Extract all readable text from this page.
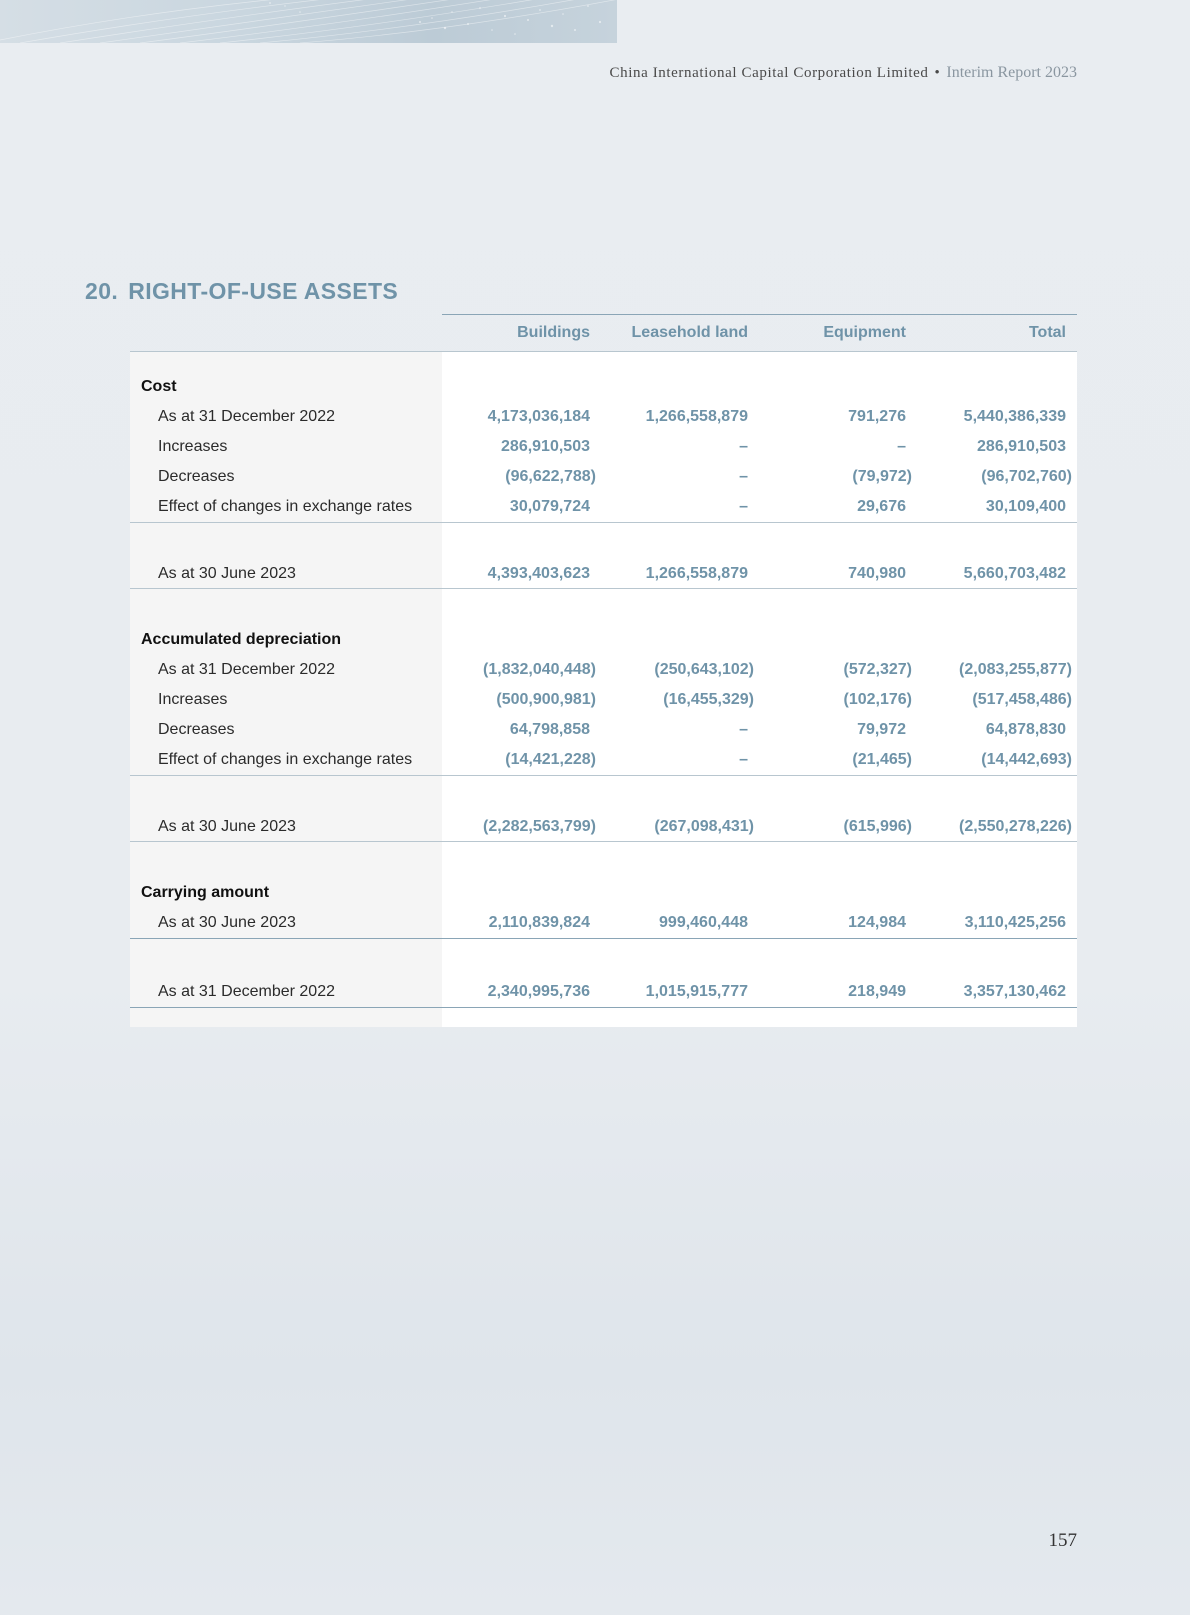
China International Capital Corporation Limited • Interim Report 2023
20. RIGHT-OF-USE ASSETS
	Buildings	Leasehold land	Equipment	Total

Cost				
As at 31 December 2022	4,173,036,184	1,266,558,879	791,276	5,440,386,339
Increases	286,910,503	–	–	286,910,503
Decreases	(96,622,788)	–	(79,972)	(96,702,760)
Effect of changes in exchange rates	30,079,724	–	29,676	30,109,400

As at 30 June 2023	4,393,403,623	1,266,558,879	740,980	5,660,703,482

Accumulated depreciation				
As at 31 December 2022	(1,832,040,448)	(250,643,102)	(572,327)	(2,083,255,877)
Increases	(500,900,981)	(16,455,329)	(102,176)	(517,458,486)
Decreases	64,798,858	–	79,972	64,878,830
Effect of changes in exchange rates	(14,421,228)	–	(21,465)	(14,442,693)

As at 30 June 2023	(2,282,563,799)	(267,098,431)	(615,996)	(2,550,278,226)

Carrying amount				
As at 30 June 2023	2,110,839,824	999,460,448	124,984	3,110,425,256

As at 31 December 2022	2,340,995,736	1,015,915,777	218,949	3,357,130,462
157
